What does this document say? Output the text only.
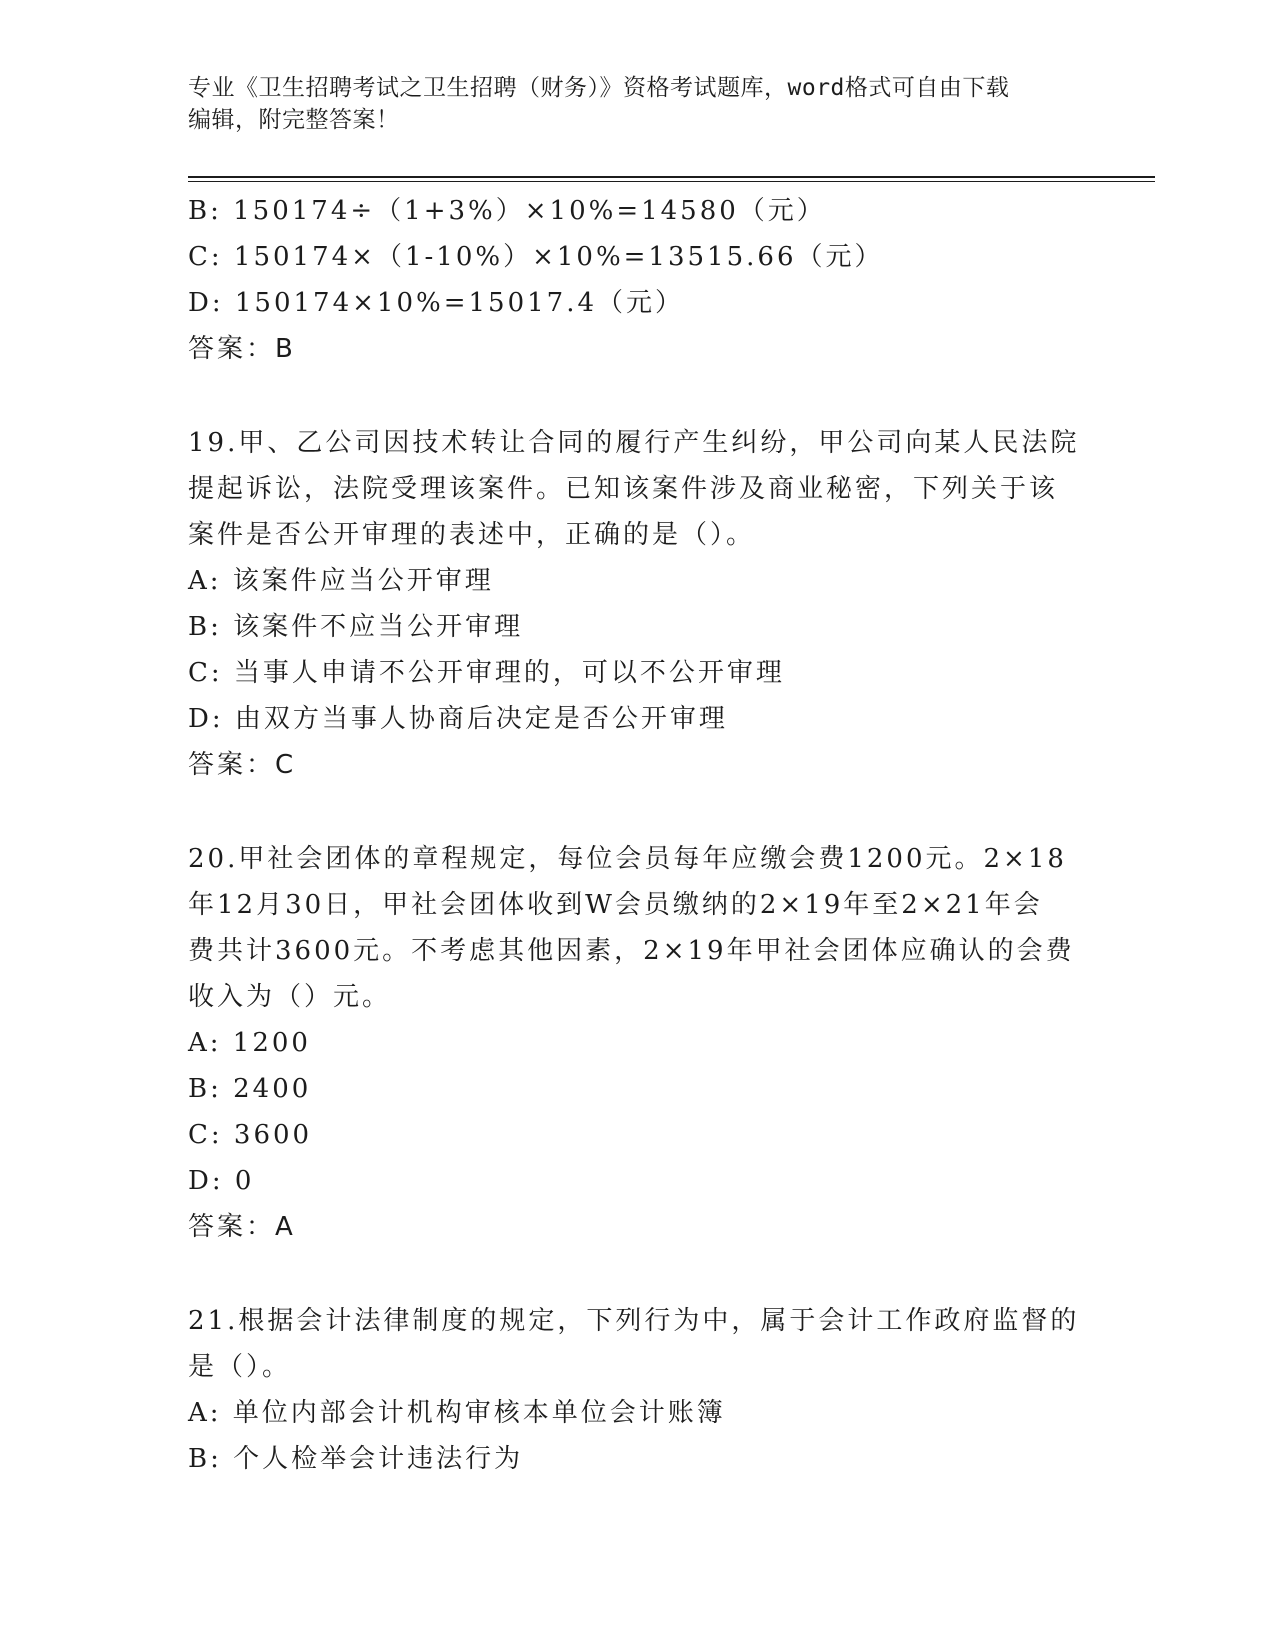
专业《卫生招聘考试之卫生招聘（财务）》资格考试题库，word格式可自由下载
编辑，附完整答案！
B: 150174÷（1+3%）×10%=14580（元）
C: 150174×（1-10%）×10%=13515.66（元）
D: 150174×10%=15017.4（元）
答案：B
19.甲、乙公司因技术转让合同的履行产生纠纷，甲公司向某人民法院
提起诉讼，法院受理该案件。已知该案件涉及商业秘密，下列关于该
案件是否公开审理的表述中，正确的是（）。
A: 该案件应当公开审理
B: 该案件不应当公开审理
C: 当事人申请不公开审理的，可以不公开审理
D: 由双方当事人协商后决定是否公开审理
答案：C
20.甲社会团体的章程规定，每位会员每年应缴会费1200元。2×18
年12月30日，甲社会团体收到W会员缴纳的2×19年至2×21年会
费共计3600元。不考虑其他因素，2×19年甲社会团体应确认的会费
收入为（）元。
A: 1200
B: 2400
C: 3600
D: 0
答案：A
21.根据会计法律制度的规定，下列行为中，属于会计工作政府监督的
是（）。
A: 单位内部会计机构审核本单位会计账簿
B: 个人检举会计违法行为
